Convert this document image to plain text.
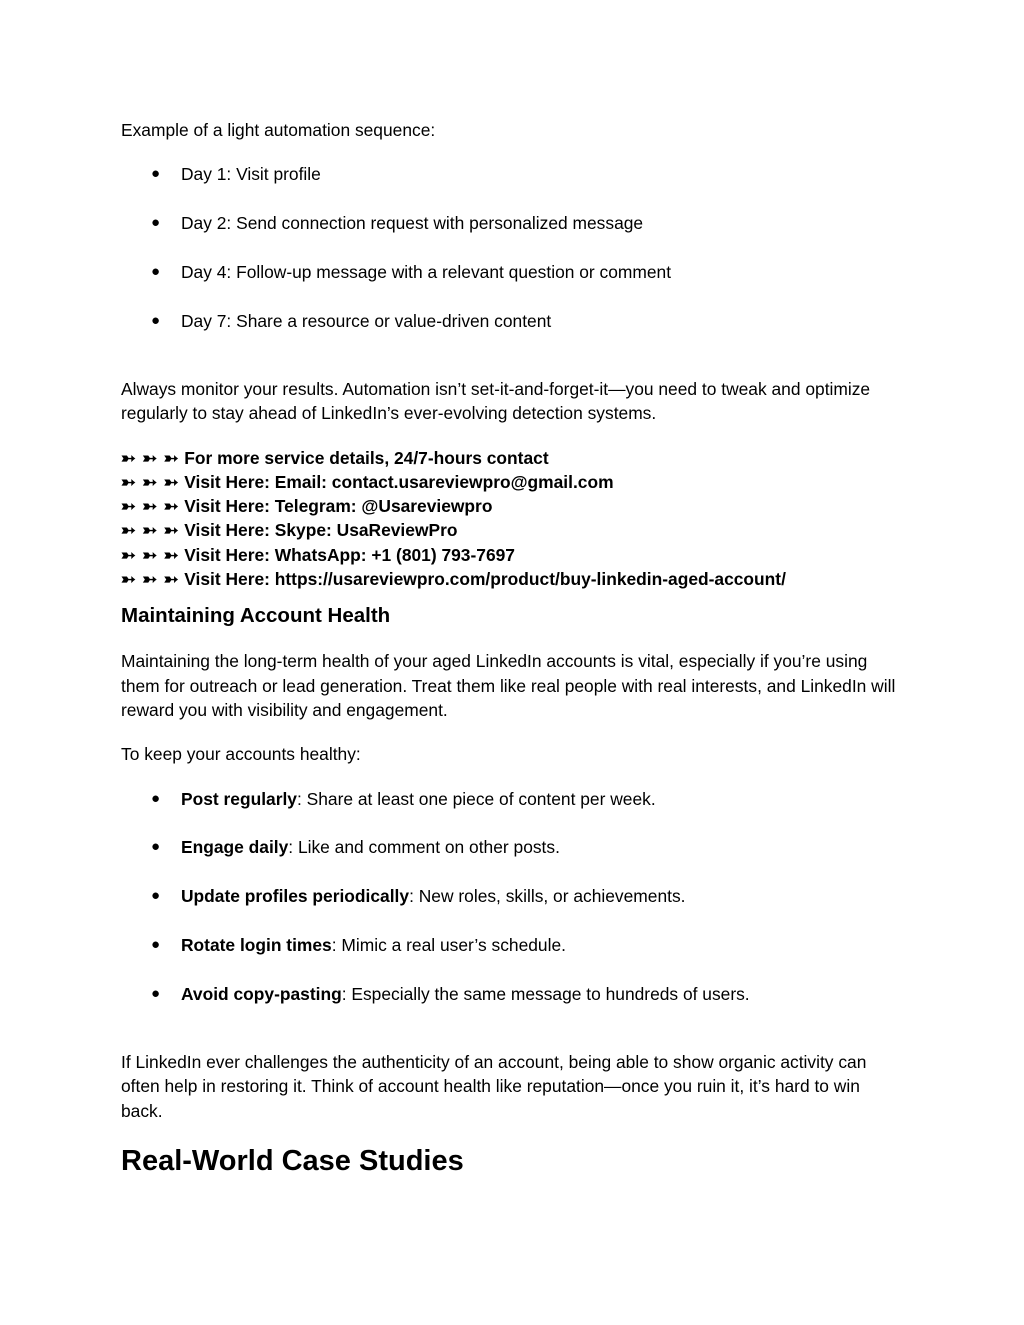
Example of a light automation sequence:

● Day 1: Visit profile
● Day 2: Send connection request with personalized message
● Day 4: Follow-up message with a relevant question or comment
● Day 7: Share a resource or value-driven content

Always monitor your results. Automation isn’t set-it-and-forget-it—you need to tweak and optimize regularly to stay ahead of LinkedIn’s ever-evolving detection systems.

➳ ➳ ➳ For more service details, 24/7-hours contact
➳ ➳ ➳ Visit Here: Email: contact.usareviewpro@gmail.com
➳ ➳ ➳ Visit Here: Telegram: @Usareviewpro
➳ ➳ ➳ Visit Here: Skype: UsaReviewPro
➳ ➳ ➳ Visit Here: WhatsApp: +1 (801) 793-7697
➳ ➳ ➳ Visit Here: https://usareviewpro.com/product/buy-linkedin-aged-account/
Maintaining Account Health

Maintaining the long-term health of your aged LinkedIn accounts is vital, especially if you’re using them for outreach or lead generation. Treat them like real people with real interests, and LinkedIn will reward you with visibility and engagement.

To keep your accounts healthy:

● Post regularly: Share at least one piece of content per week.
● Engage daily: Like and comment on other posts.
● Update profiles periodically: New roles, skills, or achievements.
● Rotate login times: Mimic a real user’s schedule.
● Avoid copy-pasting: Especially the same message to hundreds of users.

If LinkedIn ever challenges the authenticity of an account, being able to show organic activity can often help in restoring it. Think of account health like reputation—once you ruin it, it’s hard to win back.

Real-World Case Studies
